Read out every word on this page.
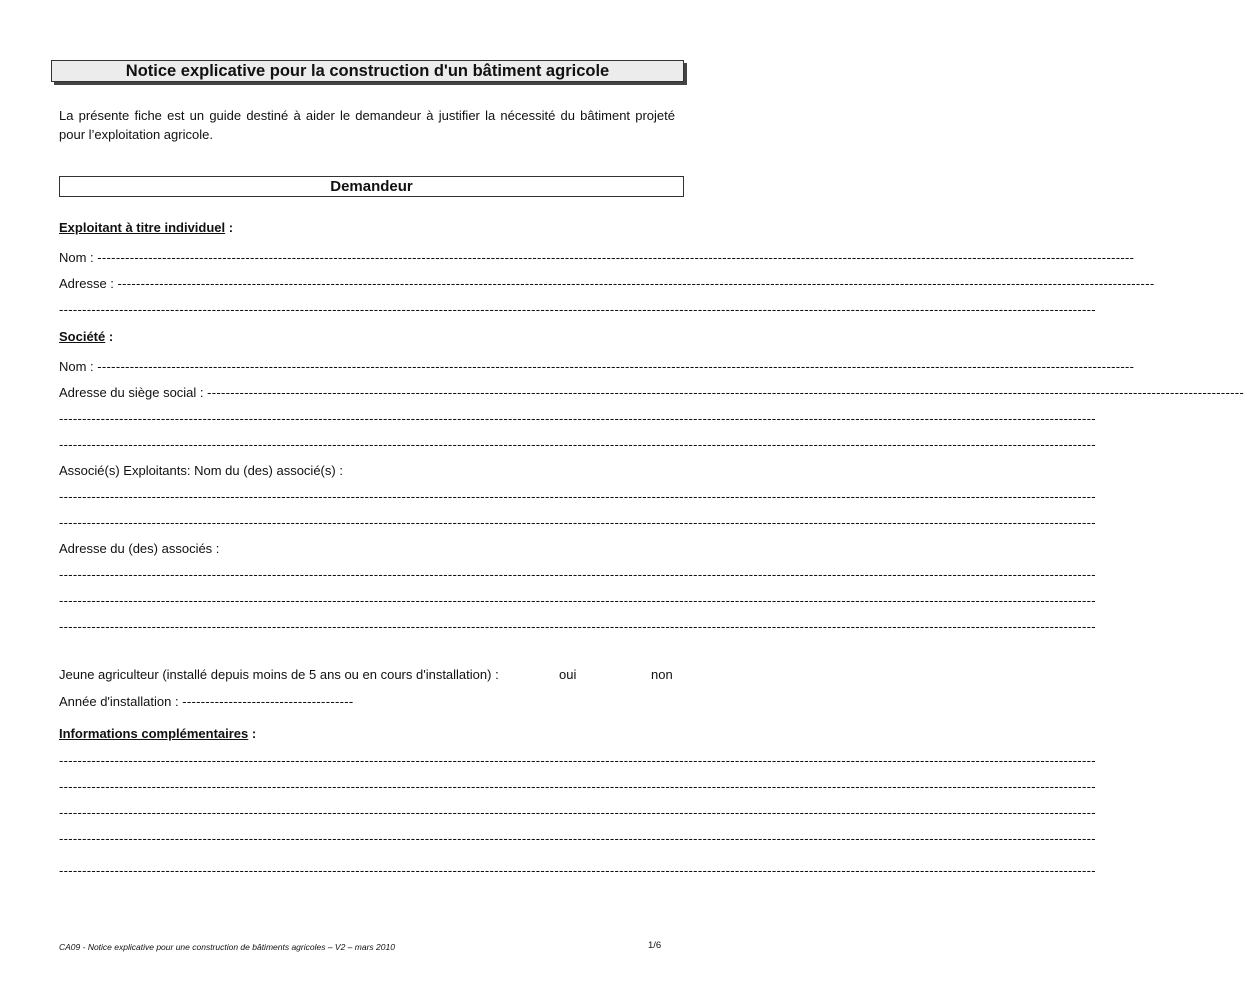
Notice explicative pour la construction d'un bâtiment agricole
La présente fiche est un guide destiné à aider le demandeur à justifier la nécessité du bâtiment projeté pour l’exploitation agricole.
Demandeur
Exploitant à titre individuel :
Nom : --------------------------------------------------------------------------------------------------------------------------------------------------------------------------------------------------------------------------------
Adresse : --------------------------------------------------------------------------------------------------------------------------------------------------------------------------------------------------------------------------------
--------------------------------------------------------------------------------------------------------------------------------------------------------------------------------------------------------------------------------
Société :
Nom : --------------------------------------------------------------------------------------------------------------------------------------------------------------------------------------------------------------------------------
Adresse du siège social : --------------------------------------------------------------------------------------------------------------------------------------------------------------------------------------------------------------------------------
--------------------------------------------------------------------------------------------------------------------------------------------------------------------------------------------------------------------------------
--------------------------------------------------------------------------------------------------------------------------------------------------------------------------------------------------------------------------------
Associé(s) Exploitants: Nom du (des) associé(s) :
--------------------------------------------------------------------------------------------------------------------------------------------------------------------------------------------------------------------------------
--------------------------------------------------------------------------------------------------------------------------------------------------------------------------------------------------------------------------------
Adresse du (des) associés :
--------------------------------------------------------------------------------------------------------------------------------------------------------------------------------------------------------------------------------
--------------------------------------------------------------------------------------------------------------------------------------------------------------------------------------------------------------------------------
--------------------------------------------------------------------------------------------------------------------------------------------------------------------------------------------------------------------------------
Jeune agriculteur (installé depuis moins de 5 ans ou en cours d'installation) :	oui	non
Année d'installation : -------------------------------------
Informations complémentaires :
--------------------------------------------------------------------------------------------------------------------------------------------------------------------------------------------------------------------------------
--------------------------------------------------------------------------------------------------------------------------------------------------------------------------------------------------------------------------------
--------------------------------------------------------------------------------------------------------------------------------------------------------------------------------------------------------------------------------
--------------------------------------------------------------------------------------------------------------------------------------------------------------------------------------------------------------------------------
--------------------------------------------------------------------------------------------------------------------------------------------------------------------------------------------------------------------------------
CA09 - Notice explicative pour une construction de bâtiments agricoles – V2 – mars 2010	1/6
